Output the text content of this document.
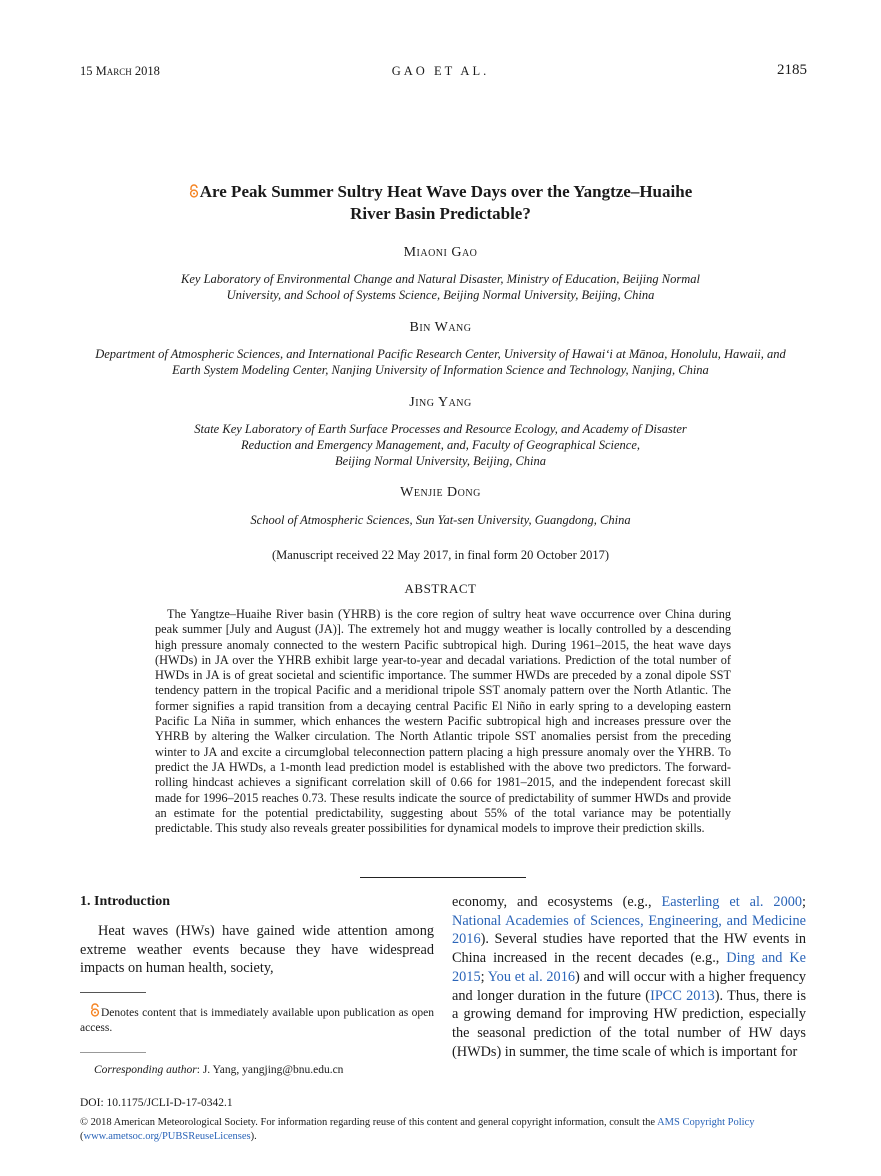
15 March 2018	GAO ET AL.	2185
Are Peak Summer Sultry Heat Wave Days over the Yangtze–Huaihe
River Basin Predictable?
Miaoni Gao
Key Laboratory of Environmental Change and Natural Disaster, Ministry of Education, Beijing Normal
University, and School of Systems Science, Beijing Normal University, Beijing, China
Bin Wang
Department of Atmospheric Sciences, and International Pacific Research Center, University of Hawai‘i at Mānoa, Honolulu, Hawaii, and
Earth System Modeling Center, Nanjing University of Information Science and Technology, Nanjing, China
Jing Yang
State Key Laboratory of Earth Surface Processes and Resource Ecology, and Academy of Disaster
Reduction and Emergency Management, and, Faculty of Geographical Science,
Beijing Normal University, Beijing, China
Wenjie Dong
School of Atmospheric Sciences, Sun Yat-sen University, Guangdong, China
(Manuscript received 22 May 2017, in final form 20 October 2017)
ABSTRACT
The Yangtze–Huaihe River basin (YHRB) is the core region of sultry heat wave occurrence over China during peak summer [July and August (JA)]. The extremely hot and muggy weather is locally controlled by a descending high pressure anomaly connected to the western Pacific subtropical high. During 1961–2015, the heat wave days (HWDs) in JA over the YHRB exhibit large year-to-year and decadal variations. Prediction of the total number of HWDs in JA is of great societal and scientific importance. The summer HWDs are preceded by a zonal dipole SST tendency pattern in the tropical Pacific and a meridional tripole SST anomaly pattern over the North Atlantic. The former signifies a rapid transition from a decaying central Pacific El Niño in early spring to a developing eastern Pacific La Niña in summer, which enhances the western Pacific subtropical high and increases pressure over the YHRB by altering the Walker circulation. The North Atlantic tripole SST anomalies persist from the preceding winter to JA and excite a circumglobal teleconnection pattern placing a high pressure anomaly over the YHRB. To predict the JA HWDs, a 1-month lead prediction model is established with the above two predictors. The forward-rolling hindcast achieves a significant correlation skill of 0.66 for 1981–2015, and the independent forecast skill made for 1996–2015 reaches 0.73. These results indicate the source of predictability of summer HWDs and provide an estimate for the potential predictability, suggesting about 55% of the total variance may be potentially predictable. This study also reveals greater possibilities for dynamical models to improve their prediction skills.
1. Introduction
Heat waves (HWs) have gained wide attention among extreme weather events because they have widespread impacts on human health, society,
economy, and ecosystems (e.g., Easterling et al. 2000; National Academies of Sciences, Engineering, and Medicine 2016). Several studies have reported that the HW events in China increased in the recent decades (e.g., Ding and Ke 2015; You et al. 2016) and will occur with a higher frequency and longer duration in the future (IPCC 2013). Thus, there is a growing demand for improving HW prediction, especially the seasonal prediction of the total number of HW days (HWDs) in summer, the time scale of which is important for
Denotes content that is immediately available upon publication as open access.
Corresponding author: J. Yang, yangjing@bnu.edu.cn
DOI: 10.1175/JCLI-D-17-0342.1
© 2018 American Meteorological Society. For information regarding reuse of this content and general copyright information, consult the AMS Copyright Policy (www.ametsoc.org/PUBSReuseLicenses).
